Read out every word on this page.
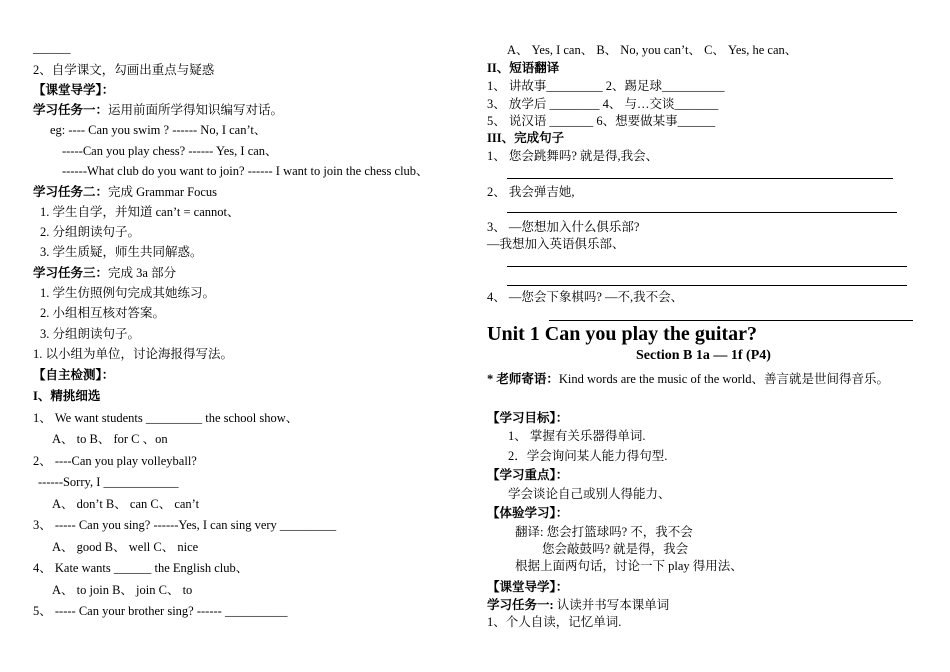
______
2、自学课文，勾画出重点与疑惑
【课堂导学】：
学习任务一：运用前面所学得知识编写对话。
eg: ---- Can you swim ? ------ No, I can’t、
-----Can you play chess? ------ Yes, I can、
------What club do you want to join? ------ I want to join the chess club、
学习任务二：完成 Grammar Focus
1. 学生自学，并知道 can’t = cannot、
2. 分组朗读句子。
3. 学生质疑，师生共同解惑。
学习任务三：完成 3a 部分
1. 学生仿照例句完成其她练习。
2. 小组相互核对答案。
3. 分组朗读句子。
1. 以小组为单位，讨论海报得写法。
【自主检测】：
I、精挑细选
1、 We want students _________ the school show、
A、 to B、 for C 、on
2、 ----Can you play volleyball?
------Sorry, I ____________
A、 don’t B、 can C、 can’t
3、 ----- Can you sing? ------Yes, I can sing very _________
A、 good B、 well C、 nice
4、 Kate wants ______ the English club、
A、 to join B、 join C、 to
5、 ----- Can your brother sing? ------ __________
A、 Yes, I can、 B、 No, you can’t、 C、 Yes, he can、
II、短语翻译
1、 讲故事_________ 2、踢足球__________
3、 放学后 ________ 4、 与…交谈_______
5、 说汉语 _______ 6、想要做某事______
III、完成句子
1、 您会跳舞吗? 就是得,我会、
2、 我会弹吉她,
3、 —您想加入什么俱乐部?
—我想加入英语俱乐部、
4、 —您会下象棋吗? —不,我不会、
* 老师寄语：Kind words are the music of the world、善言就是世间得音乐。
【学习目标】：
1、 掌握有关乐器得单词.
2．学会询问某人能力得句型.
【学习重点】：
学会谈论自己或别人得能力、
【体验学习】：
翻译: 您会打篮球吗? 不，我不会
您会敲鼓吗? 就是得，我会
根据上面两句话，讨论一下 play 得用法、
【课堂导学】：
学习任务一: 认读并书写本课单词
1、个人自读，记忆单词.
Unit 1 Can you play the guitar?
Section B 1a — 1f (P4)
